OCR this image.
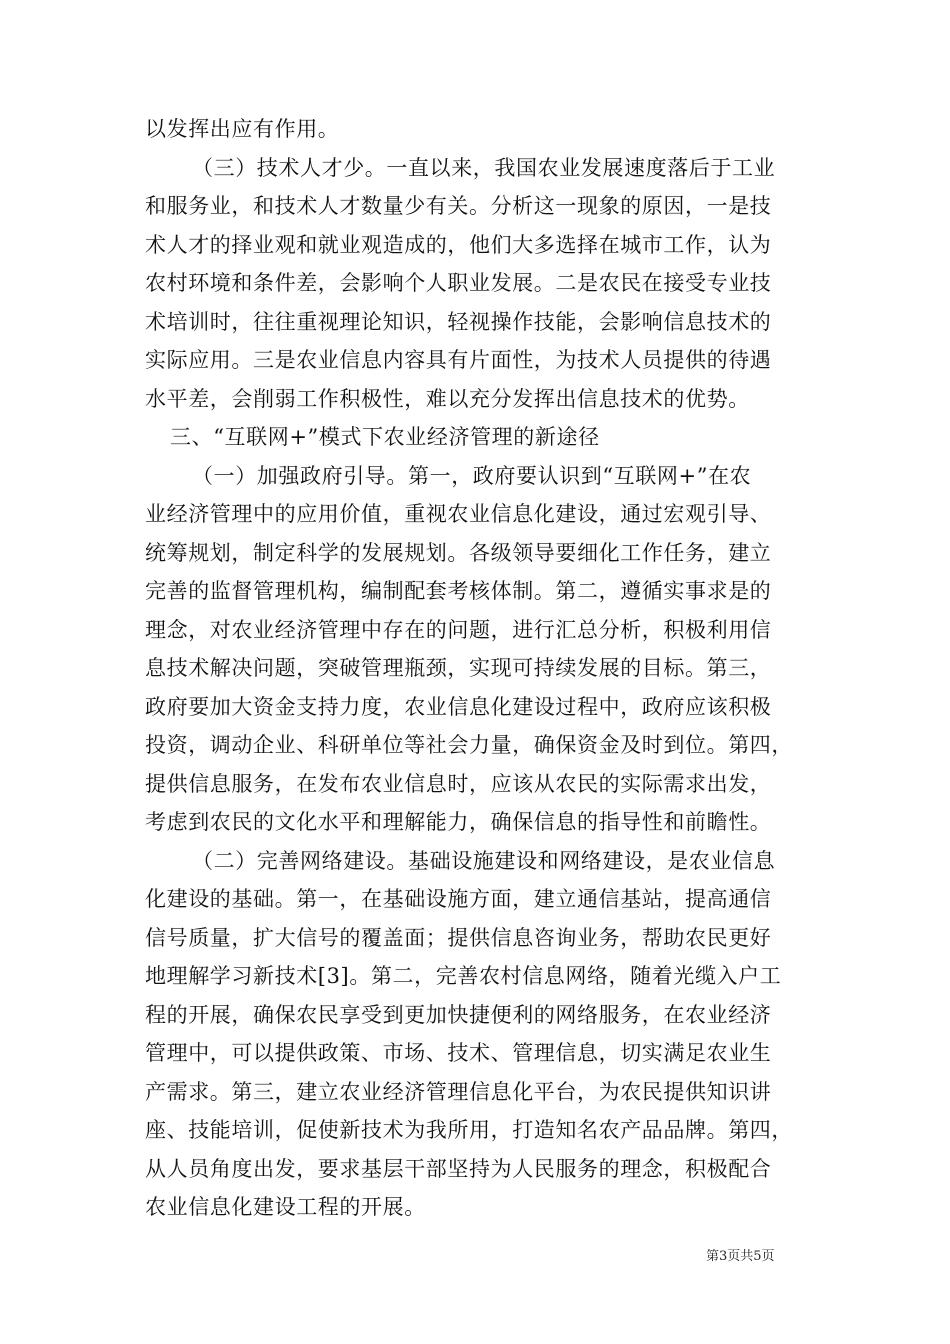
以发挥出应有作用。
（三）技术人才少。一直以来，我国农业发展速度落后于工业
和服务业，和技术人才数量少有关。分析这一现象的原因，一是技
术人才的择业观和就业观造成的，他们大多选择在城市工作，认为
农村环境和条件差，会影响个人职业发展。二是农民在接受专业技
术培训时，往往重视理论知识，轻视操作技能，会影响信息技术的
实际应用。三是农业信息内容具有片面性，为技术人员提供的待遇
水平差，会削弱工作积极性，难以充分发挥出信息技术的优势。
三、“互联网+”模式下农业经济管理的新途径
（一）加强政府引导。第一，政府要认识到“互联网+”在农
业经济管理中的应用价值，重视农业信息化建设，通过宏观引导、
统筹规划，制定科学的发展规划。各级领导要细化工作任务，建立
完善的监督管理机构，编制配套考核体制。第二，遵循实事求是的
理念，对农业经济管理中存在的问题，进行汇总分析，积极利用信
息技术解决问题，突破管理瓶颈，实现可持续发展的目标。第三，
政府要加大资金支持力度，农业信息化建设过程中，政府应该积极
投资，调动企业、科研单位等社会力量，确保资金及时到位。第四，
提供信息服务，在发布农业信息时，应该从农民的实际需求出发，
考虑到农民的文化水平和理解能力，确保信息的指导性和前瞻性。
（二）完善网络建设。基础设施建设和网络建设，是农业信息
化建设的基础。第一，在基础设施方面，建立通信基站，提高通信
信号质量，扩大信号的覆盖面；提供信息咨询业务，帮助农民更好
地理解学习新技术[3]。第二，完善农村信息网络，随着光缆入户工
程的开展，确保农民享受到更加快捷便利的网络服务，在农业经济
管理中，可以提供政策、市场、技术、管理信息，切实满足农业生
产需求。第三，建立农业经济管理信息化平台，为农民提供知识讲
座、技能培训，促使新技术为我所用，打造知名农产品品牌。第四，
从人员角度出发，要求基层干部坚持为人民服务的理念，积极配合
农业信息化建设工程的开展。
第3页共5页
